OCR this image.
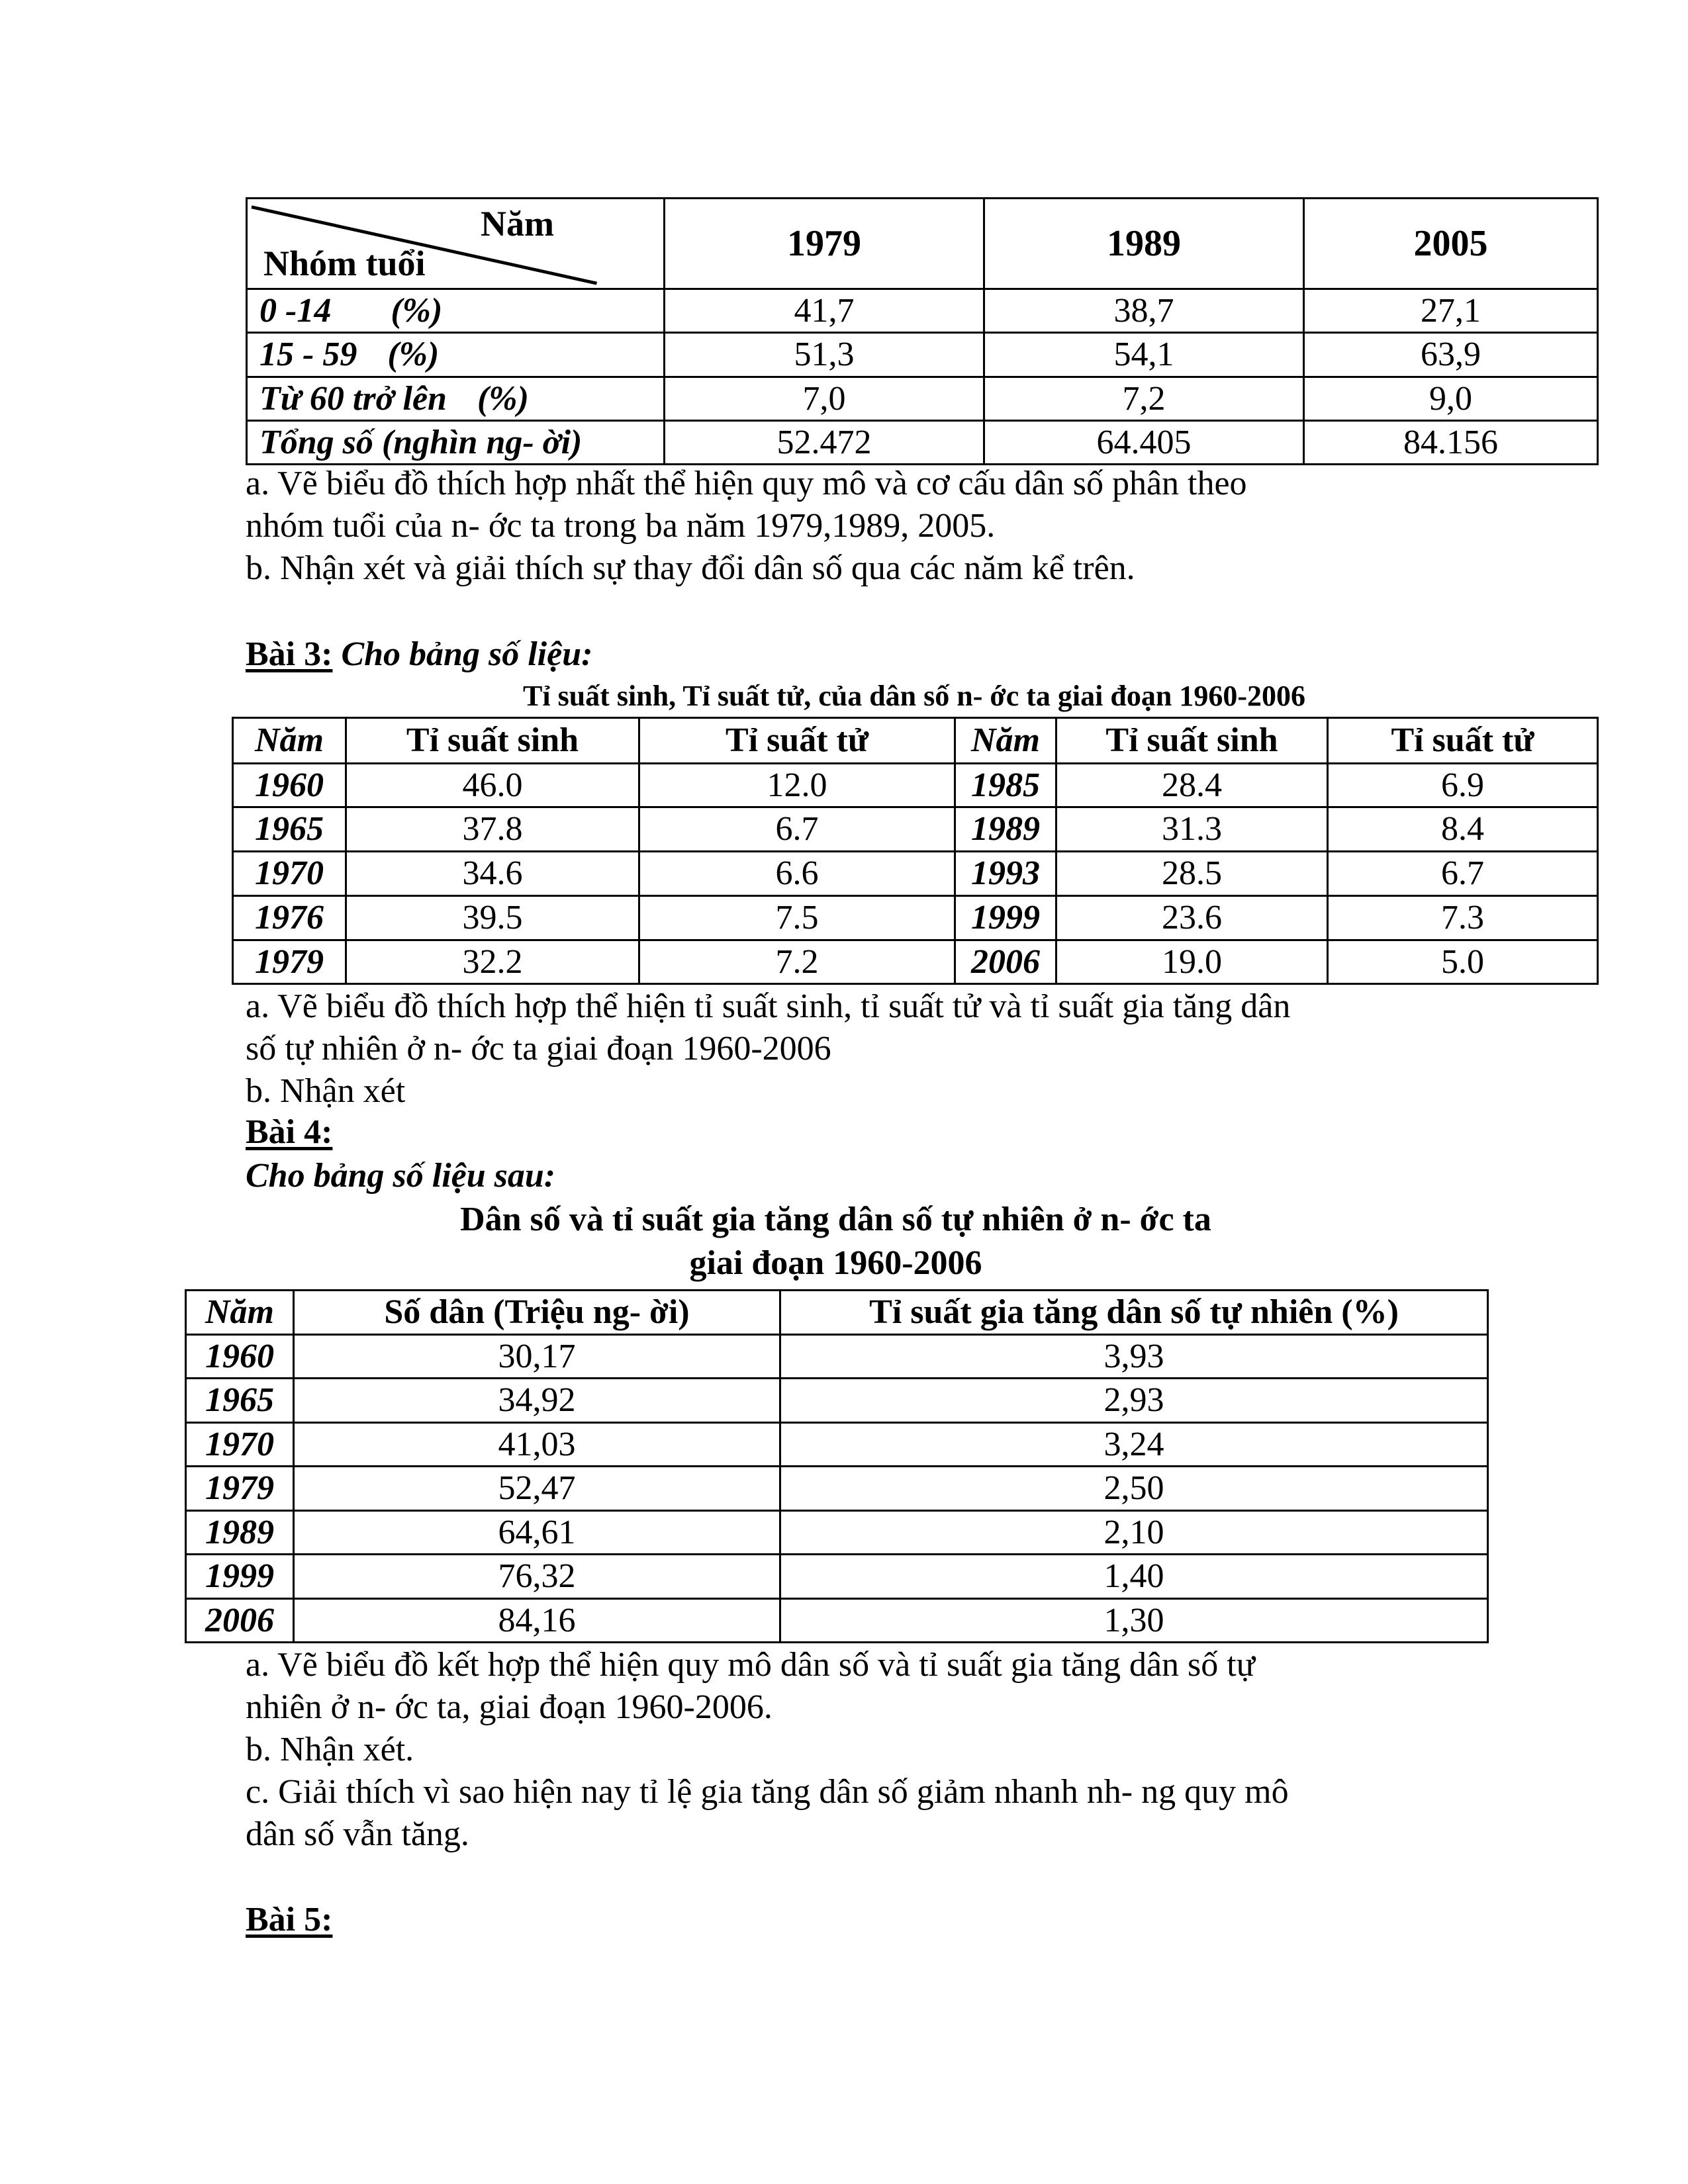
Năm
Nhóm tuổi	1979	1989	2005
0 -14 (%)	41,7	38,7	27,1
15 - 59 (%)	51,3	54,1	63,9
Từ 60 trở lên (%)	7,0	7,2	9,0
Tổng số (nghìn ng- ời)	52.472	64.405	84.156
a. Vẽ biểu đồ thích hợp nhất thể hiện quy mô và cơ cấu dân số phân theo
nhóm tuổi của n- ớc ta trong ba năm 1979,1989, 2005.
b. Nhận xét và giải thích sự thay đổi dân số qua các năm kể trên.
Bài 3: Cho bảng số liệu:
Tỉ suất sinh, Tỉ suất tử, của dân số n- ớc ta giai đoạn 1960-2006
Năm	Tỉ suất sinh	Tỉ suất tử	Năm	Tỉ suất sinh	Tỉ suất tử
1960	46.0	12.0	1985	28.4	6.9
1965	37.8	6.7	1989	31.3	8.4
1970	34.6	6.6	1993	28.5	6.7
1976	39.5	7.5	1999	23.6	7.3
1979	32.2	7.2	2006	19.0	5.0
a. Vẽ biểu đồ thích hợp thể hiện tỉ suất sinh, tỉ suất tử và tỉ suất gia tăng dân
số tự nhiên ở n- ớc ta giai đoạn 1960-2006
b. Nhận xét
Bài 4:
Cho bảng số liệu sau:
Dân số và tỉ suất gia tăng dân số tự nhiên ở n- ớc ta
giai đoạn 1960-2006
Năm	Số dân (Triệu ng- ời)	Tỉ suất gia tăng dân số tự nhiên (%)
1960	30,17	3,93
1965	34,92	2,93
1970	41,03	3,24
1979	52,47	2,50
1989	64,61	2,10
1999	76,32	1,40
2006	84,16	1,30
a. Vẽ biểu đồ kết hợp thể hiện quy mô dân số và tỉ suất gia tăng dân số tự
nhiên ở n- ớc ta, giai đoạn 1960-2006.
b. Nhận xét.
c. Giải thích vì sao hiện nay tỉ lệ gia tăng dân số giảm nhanh nh- ng quy mô
dân số vẫn tăng.
Bài 5:
